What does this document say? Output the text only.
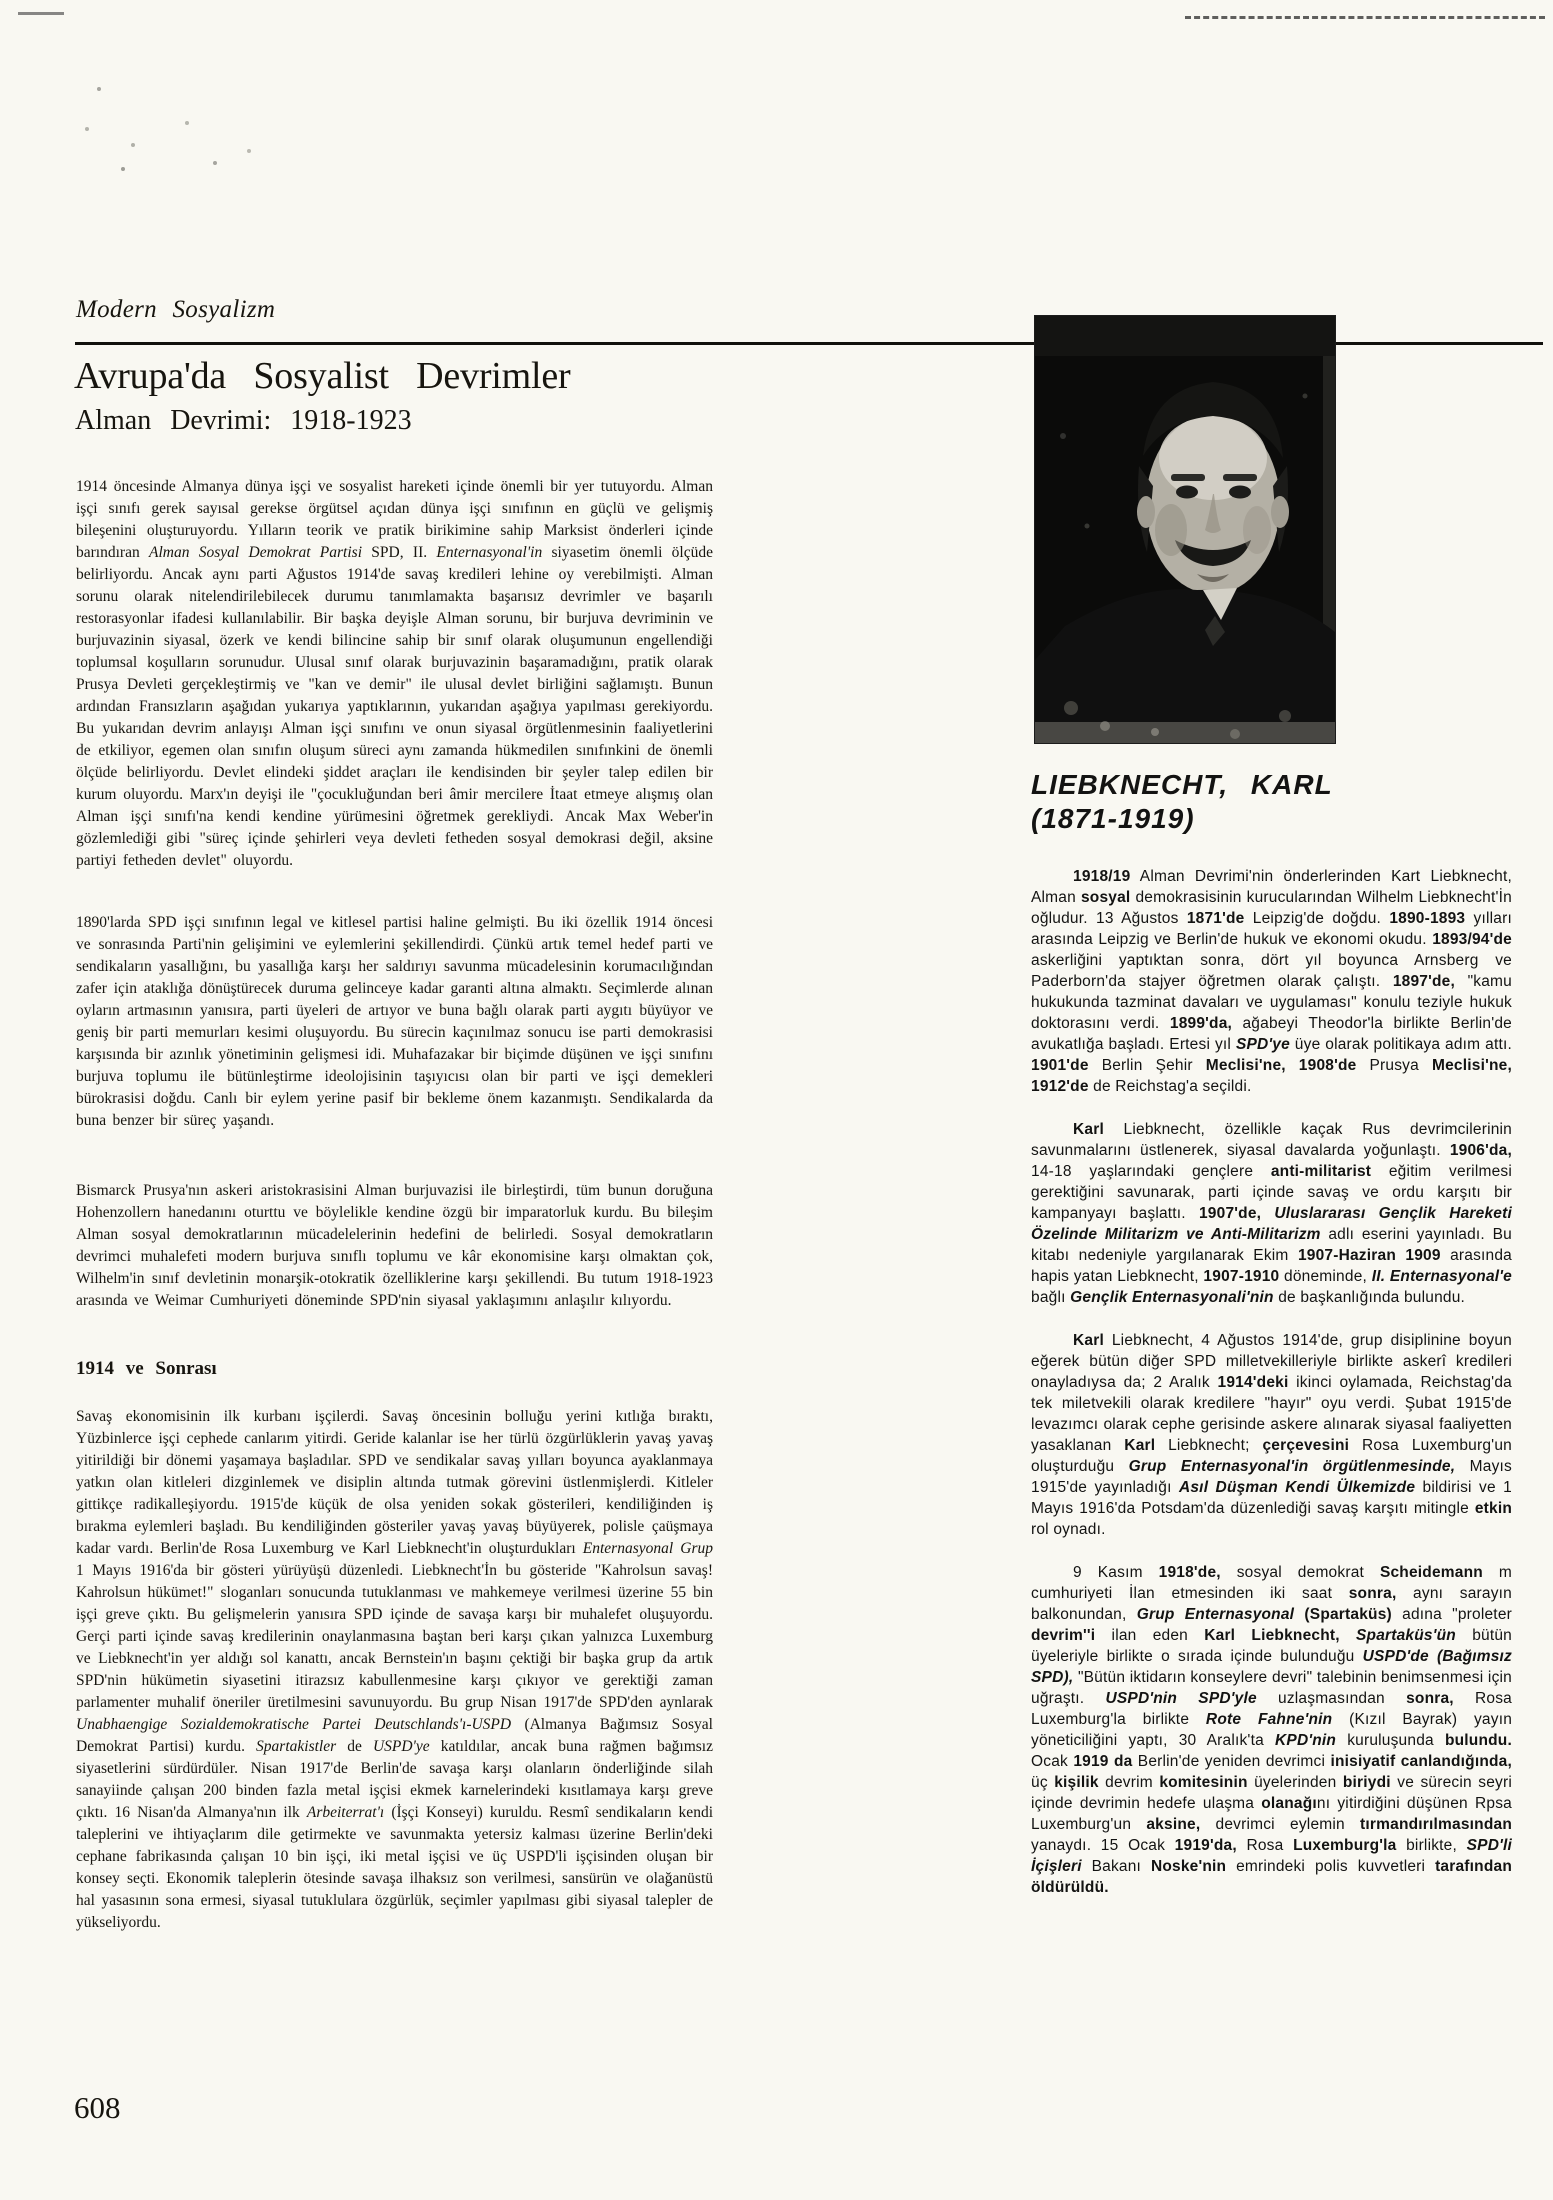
Modern Sosyalizm
Avrupa'da Sosyalist Devrimler
Alman Devrimi: 1918-1923

1914 öncesinde Almanya dünya işçi ve sosyalist hareketi içinde önemli bir yer tutuyordu. Alman işçi sınıfı gerek sayısal gerekse örgütsel açıdan dünya işçi sınıfının en güçlü ve gelişmiş bileşenini oluşturuyordu. Yılların teorik ve pratik birikimine sahip Marksist önderleri içinde barındıran Alman Sosyal Demokrat Partisi SPD, II. Enternasyonal'in siyasetim önemli ölçüde belirliyordu. Ancak aynı parti Ağustos 1914'de savaş kredileri lehine oy verebilmişti. Alman sorunu olarak nitelendirilebilecek durumu tanımlamakta başarısız devrimler ve başarılı restorasyonlar ifadesi kullanılabilir. Bir başka deyişle Alman sorunu, bir burjuva devriminin ve burjuvazinin siyasal, özerk ve kendi bilincine sahip bir sınıf olarak oluşumunun engellendiği toplumsal koşulların sorunudur. Ulusal sınıf olarak burjuvazinin başaramadığını, pratik olarak Prusya Devleti gerçekleştirmiş ve "kan ve demir" ile ulusal devlet birliğini sağlamıştı. Bunun ardından Fransızların aşağıdan yukarıya yaptıklarının, yukarıdan aşağıya yapılması gerekiyordu. Bu yukarıdan devrim anlayışı Alman işçi sınıfını ve onun siyasal örgütlenmesinin faaliyetlerini de etkiliyor, egemen olan sınıfın oluşum süreci aynı zamanda hükmedilen sınıfınkini de önemli ölçüde belirliyordu. Devlet elindeki şiddet araçları ile kendisinden bir şeyler talep edilen bir kurum oluyordu. Marx'ın deyişi ile "çocukluğundan beri âmir mercilere İtaat etmeye alışmış olan Alman işçi sınıfı'na kendi kendine yürümesini öğretmek gerekliydi. Ancak Max Weber'in gözlemlediği gibi "süreç içinde şehirleri veya devleti fetheden sosyal demokrasi değil, aksine partiyi fetheden devlet" oluyordu.

1890'larda SPD işçi sınıfının legal ve kitlesel partisi haline gelmişti. Bu iki özellik 1914 öncesi ve sonrasında Parti'nin gelişimini ve eylemlerini şekillendirdi. Çünkü artık temel hedef parti ve sendikaların yasallığını, bu yasallığa karşı her saldırıyı savunma mücadelesinin korumacılığından zafer için ataklığa dönüştürecek duruma gelinceye kadar garanti altına almaktı. Seçimlerde alınan oyların artmasının yanısıra, parti üyeleri de artıyor ve buna bağlı olarak parti aygıtı büyüyor ve geniş bir parti memurları kesimi oluşuyordu. Bu sürecin kaçınılmaz sonucu ise parti demokrasisi karşısında bir azınlık yönetiminin gelişmesi idi. Muhafazakar bir biçimde düşünen ve işçi sınıfını burjuva toplumu ile bütünleştirme ideolojisinin taşıyıcısı olan bir parti ve işçi demekleri bürokrasisi doğdu. Canlı bir eylem yerine pasif bir bekleme önem kazanmıştı. Sendikalarda da buna benzer bir süreç yaşandı.

Bismarck Prusya'nın askeri aristokrasisini Alman burjuvazisi ile birleştirdi, tüm bunun doruğuna Hohenzollern hanedanını oturttu ve böylelikle kendine özgü bir imparatorluk kurdu. Bu bileşim Alman sosyal demokratlarının mücadelelerinin hedefini de belirledi. Sosyal demokratların devrimci muhalefeti modern burjuva sınıflı toplumu ve kâr ekonomisine karşı olmaktan çok, Wilhelm'in sınıf devletinin monarşik-otokratik özelliklerine karşı şekillendi. Bu tutum 1918-1923 arasında ve Weimar Cumhuriyeti döneminde SPD'nin siyasal yaklaşımını anlaşılır kılıyordu.

1914 ve Sonrası

Savaş ekonomisinin ilk kurbanı işçilerdi. Savaş öncesinin bolluğu yerini kıtlığa bıraktı, Yüzbinlerce işçi cephede canlarım yitirdi. Geride kalanlar ise her türlü özgürlüklerin yavaş yavaş yitirildiği bir dönemi yaşamaya başladılar. SPD ve sendikalar savaş yılları boyunca ayaklanmaya yatkın olan kitleleri dizginlemek ve disiplin altında tutmak görevini üstlenmişlerdi. Kitleler gittikçe radikalleşiyordu. 1915'de küçük de olsa yeniden sokak gösterileri, kendiliğinden iş bırakma eylemleri başladı. Bu kendiliğinden gösteriler yavaş yavaş büyüyerek, polisle çaüşmaya kadar vardı. Berlin'de Rosa Luxemburg ve Karl Liebknecht'in oluşturdukları Enternasyonal Grup 1 Mayıs 1916'da bir gösteri yürüyüşü düzenledi. Liebknecht'İn bu gösteride "Kahrolsun savaş! Kahrolsun hükümet!" sloganları sonucunda tutuklanması ve mahkemeye verilmesi üzerine 55 bin işçi greve çıktı. Bu gelişmelerin yanısıra SPD içinde de savaşa karşı bir muhalefet oluşuyordu. Gerçi parti içinde savaş kredilerinin onaylanmasına baştan beri karşı çıkan yalnızca Luxemburg ve Liebknecht'in yer aldığı sol kanattı, ancak Bernstein'ın başını çektiği bir başka grup da artık SPD'nin hükümetin siyasetini itirazsız kabullenmesine karşı çıkıyor ve gerektiği zaman parlamenter muhalif öneriler üretilmesini savunuyordu. Bu grup Nisan 1917'de SPD'den aynlarak Unabhaengige Sozialdemokratische Partei Deutschlands'ı-USPD (Almanya Bağımsız Sosyal Demokrat Partisi) kurdu. Spartakistler de USPD'ye katıldılar, ancak buna rağmen bağımsız siyasetlerini sürdürdüler. Nisan 1917'de Berlin'de savaşa karşı olanların önderliğinde silah sanayiinde çalışan 200 binden fazla metal işçisi ekmek karnelerindeki kısıtlamaya karşı greve çıktı. 16 Nisan'da Almanya'nın ilk Arbeiterrat'ı (İşçi Konseyi) kuruldu. Resmî sendikaların kendi taleplerini ve ihtiyaçlarım dile getirmekte ve savunmakta yetersiz kalması üzerine Berlin'deki cephane fabrikasında çalışan 10 bin işçi, iki metal işçisi ve üç USPD'li işçisinden oluşan bir konsey seçti. Ekonomik taleplerin ötesinde savaşa ilhaksız son verilmesi, sansürün ve olağanüstü hal yasasının sona ermesi, siyasal tutuklulara özgürlük, seçimler yapılması gibi siyasal talepler de yükseliyordu.

608
LIEBKNECHT, KARL
(1871-1919)

1918/19 Alman Devrimi'nin önderlerinden Kart Liebknecht, Alman sosyal demokrasisinin kurucularından Wilhelm Liebknecht'İn oğludur. 13 Ağustos 1871'de Leipzig'de doğdu. 1890-1893 yılları arasında Leipzig ve Berlin'de hukuk ve ekonomi okudu. 1893/94'de askerliğini yaptıktan sonra, dört yıl boyunca Arnsberg ve Paderborn'da stajyer öğretmen olarak çalıştı. 1897'de, "kamu hukukunda tazminat davaları ve uygulaması" konulu teziyle hukuk doktorasını verdi. 1899'da, ağabeyi Theodor'la birlikte Berlin'de avukatlığa başladı. Ertesi yıl SPD'ye üye olarak politikaya adım attı. 1901'de Berlin Şehir Meclisi'ne, 1908'de Prusya Meclisi'ne, 1912'de de Reichstag'a seçildi.

Karl Liebknecht, özellikle kaçak Rus devrimcilerinin savunmalarını üstlenerek, siyasal davalarda yoğunlaştı. 1906'da, 14-18 yaşlarındaki gençlere anti-militarist eğitim verilmesi gerektiğini savunarak, parti içinde savaş ve ordu karşıtı bir kampanyayı başlattı. 1907'de, Uluslararası Gençlik Hareketi Özelinde Militarizm ve Anti-Militarizm adlı eserini yayınladı. Bu kitabı nedeniyle yargılanarak Ekim 1907-Haziran 1909 arasında hapis yatan Liebknecht, 1907-1910 döneminde, II. Enternasyonal'e bağlı Gençlik Enternasyonali'nin de başkanlığında bulundu.

Karl Liebknecht, 4 Ağustos 1914'de, grup disiplinine boyun eğerek bütün diğer SPD milletvekilleriyle birlikte askerî kredileri onayladıysa da; 2 Aralık 1914'deki ikinci oylamada, Reichstag'da tek miletvekili olarak kredilere "hayır" oyu verdi. Şubat 1915'de levazımcı olarak cephe gerisinde askere alınarak siyasal faaliyetten yasaklanan Karl Liebknecht; çerçevesini Rosa Luxemburg'un oluşturduğu Grup Enternasyonal'in örgütlenmesinde, Mayıs 1915'de yayınladığı Asıl Düşman Kendi Ülkemizde bildirisi ve 1 Mayıs 1916'da Potsdam'da düzenlediği savaş karşıtı mitingle etkin rol oynadı.

9 Kasım 1918'de, sosyal demokrat Scheidemann m cumhuriyeti İlan etmesinden iki saat sonra, aynı sarayın balkonundan, Grup Enternasyonal (Spartaküs) adına "proleter devrim''i ilan eden Karl Liebknecht, Spartaküs'ün bütün üyeleriyle birlikte o sırada içinde bulunduğu USPD'de (Bağımsız SPD), "Bütün iktidarın konseylere devri" talebinin benimsenmesi için uğraştı. USPD'nin SPD'yle uzlaşmasından sonra, Rosa Luxemburg'la birlikte Rote Fahne'nin (Kızıl Bayrak) yayın yöneticiliğini yaptı, 30 Aralık'ta KPD'nin kuruluşunda bulundu. Ocak 1919 da Berlin'de yeniden devrimci inisiyatif canlandığında, üç kişilik devrim komitesinin üyelerinden biriydi ve sürecin seyri içinde devrimin hedefe ulaşma olanağını yitirdiğini düşünen Rpsa Luxemburg'un aksine, devrimci eylemin tırmandırılmasından yanaydı. 15 Ocak 1919'da, Rosa Luxemburg'la birlikte, SPD'li İçişleri Bakanı Noske'nin emrindeki polis kuvvetleri tarafından öldürüldü.
